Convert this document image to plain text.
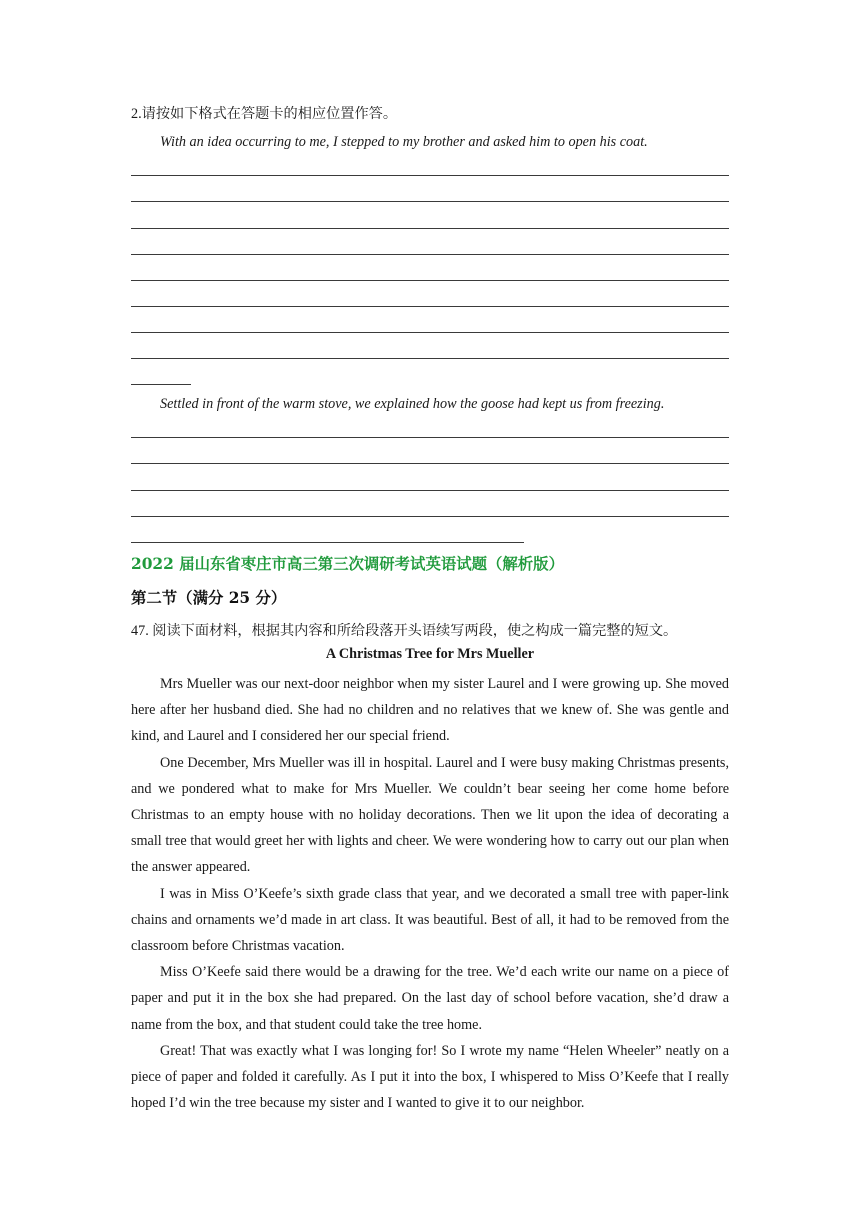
2.请按如下格式在答题卡的相应位置作答。

With an idea occurring to me, I stepped to my brother and asked him to open his coat.

Settled in front of the warm stove, we explained how the goose had kept us from freezing.

2022 届山东省枣庄市高三第三次调研考试英语试题（解析版）
第二节（满分 25 分）

47. 阅读下面材料，根据其内容和所给段落开头语续写两段，使之构成一篇完整的短文。

A Christmas Tree for Mrs Mueller

Mrs Mueller was our next-door neighbor when my sister Laurel and I were growing up. She moved here after her husband died. She had no children and no relatives that we knew of. She was gentle and kind, and Laurel and I considered her our special friend.

One December, Mrs Mueller was ill in hospital. Laurel and I were busy making Christmas presents, and we pondered what to make for Mrs Mueller. We couldn’t bear seeing her come home before Christmas to an empty house with no holiday decorations. Then we lit upon the idea of decorating a small tree that would greet her with lights and cheer. We were wondering how to carry out our plan when the answer appeared.

I was in Miss O’Keefe’s sixth grade class that year, and we decorated a small tree with paper-link chains and ornaments we’d made in art class. It was beautiful. Best of all, it had to be removed from the classroom before Christmas vacation.

Miss O’Keefe said there would be a drawing for the tree. We’d each write our name on a piece of paper and put it in the box she had prepared. On the last day of school before vacation, she’d draw a name from the box, and that student could take the tree home.

Great! That was exactly what I was longing for! So I wrote my name “Helen Wheeler” neatly on a piece of paper and folded it carefully. As I put it into the box, I whispered to Miss O’Keefe that I really hoped I’d win the tree because my sister and I wanted to give it to our neighbor.
